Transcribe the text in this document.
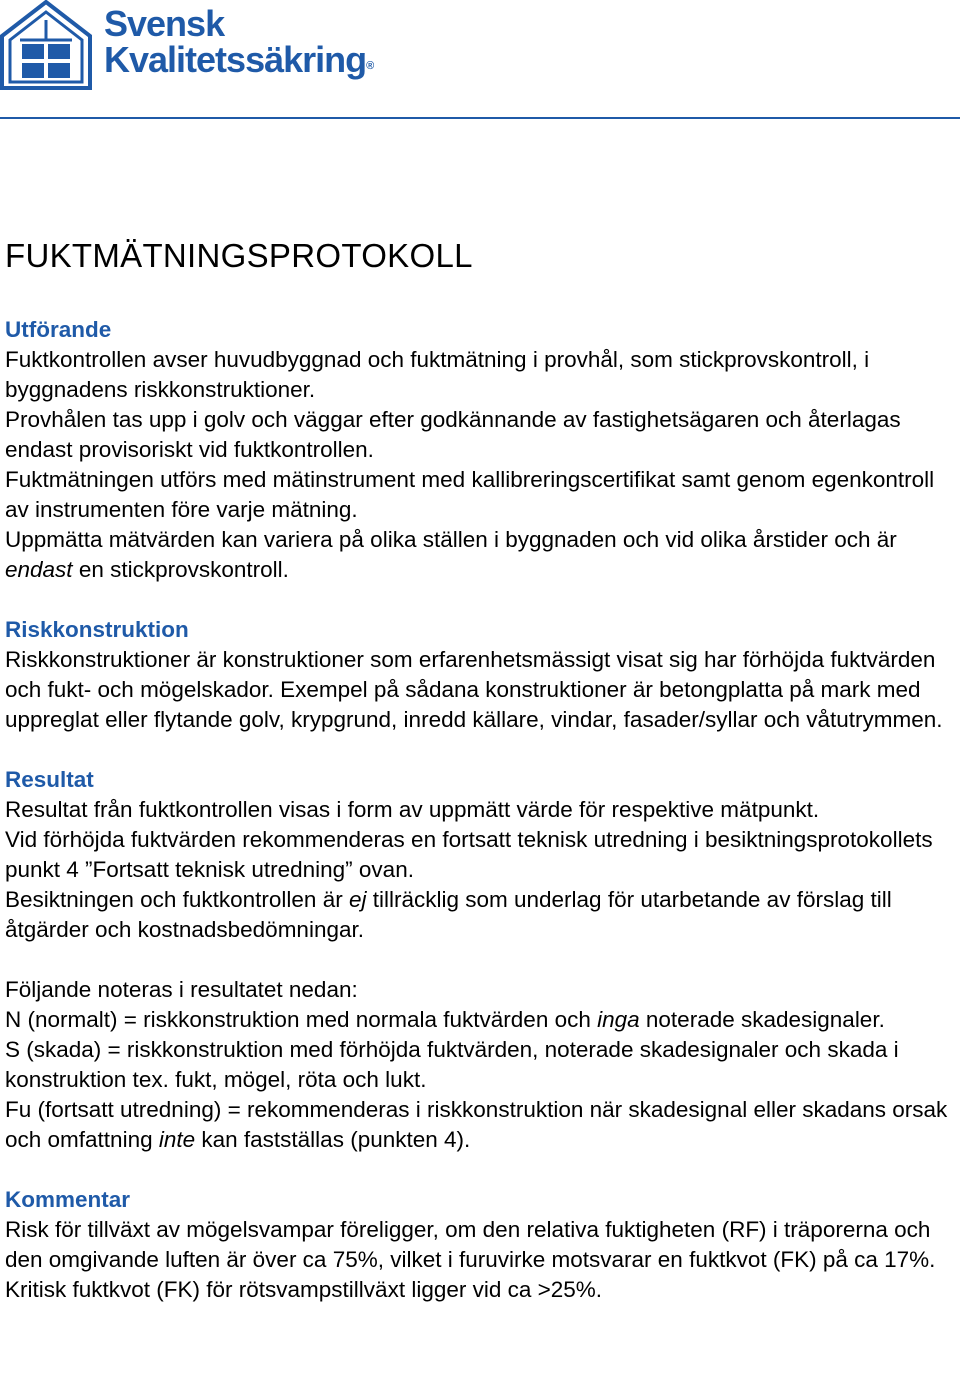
Svensk
Kvalitetssäkring®
FUKTMÄTNINGSPROTOKOLL

Utförande

Fuktkontrollen avser huvudbyggnad och fuktmätning i provhål, som stickprovskontroll, i byggnadens riskkonstruktioner.

Provhålen tas upp i golv och väggar efter godkännande av fastighetsägaren och återlagas endast provisoriskt vid fuktkontrollen.

Fuktmätningen utförs med mätinstrument med kallibreringscertifikat samt genom egenkontroll av instrumenten före varje mätning.

Uppmätta mätvärden kan variera på olika ställen i byggnaden och vid olika årstider och är endast en stickprovskontroll.

Riskkonstruktion

Riskkonstruktioner är konstruktioner som erfarenhetsmässigt visat sig har förhöjda fuktvärden och fukt- och mögelskador. Exempel på sådana konstruktioner är betongplatta på mark med uppreglat eller flytande golv, krypgrund, inredd källare, vindar, fasader/syllar och våtutrymmen.

Resultat

Resultat från fuktkontrollen visas i form av uppmätt värde för respektive mätpunkt.

Vid förhöjda fuktvärden rekommenderas en fortsatt teknisk utredning i besiktningsprotokollets punkt 4 ”Fortsatt teknisk utredning” ovan.

Besiktningen och fuktkontrollen är ej tillräcklig som underlag för utarbetande av förslag till åtgärder och kostnadsbedömningar.

Följande noteras i resultatet nedan:

N (normalt) = riskkonstruktion med normala fuktvärden och inga noterade skadesignaler.

S (skada) = riskkonstruktion med förhöjda fuktvärden, noterade skadesignaler och skada i konstruktion tex. fukt, mögel, röta och lukt.

Fu (fortsatt utredning) = rekommenderas i riskkonstruktion när skadesignal eller skadans orsak och omfattning inte kan fastställas (punkten 4).

Kommentar

Risk för tillväxt av mögelsvampar föreligger, om den relativa fuktigheten (RF) i träporerna och den omgivande luften är över ca 75%, vilket i furuvirke motsvarar en fuktkvot (FK) på ca 17%. Kritisk fuktkvot (FK) för rötsvampstillväxt ligger vid ca >25%.
